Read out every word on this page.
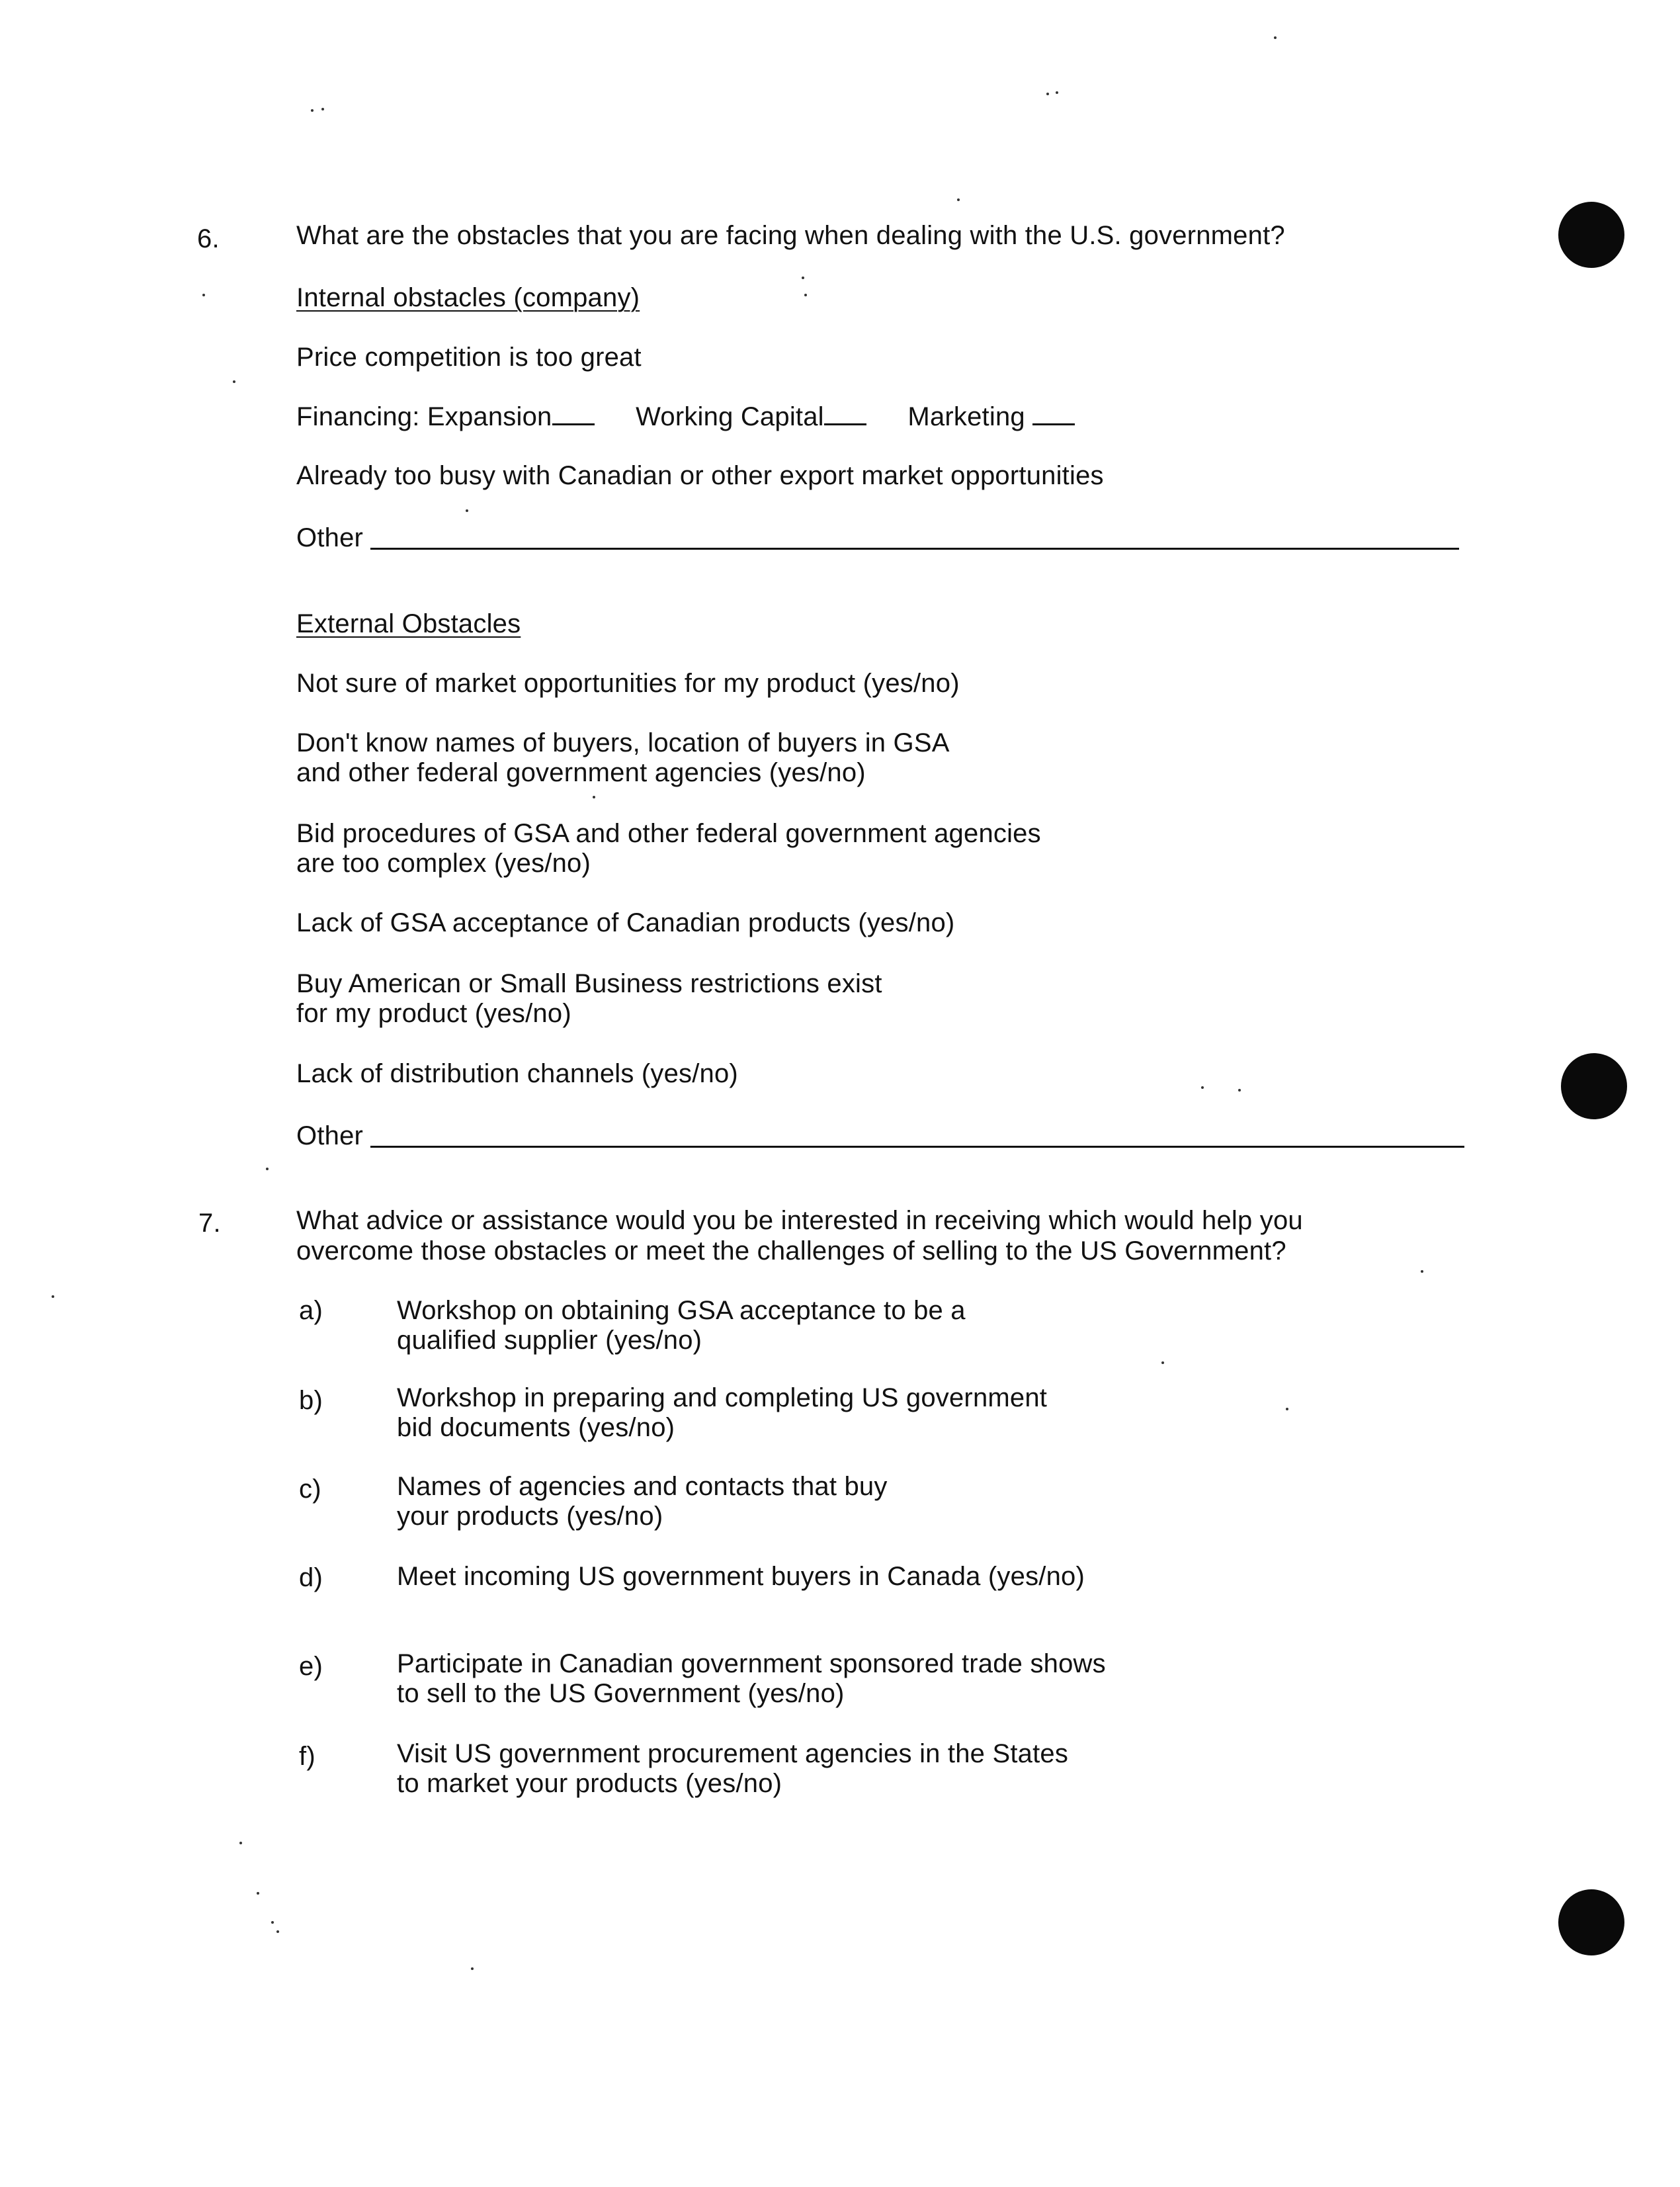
6.	What are the obstacles that you are facing when dealing with the U.S. government?
Internal obstacles (company)
Price competition is too great
Financing: Expansion	Working Capital	Marketing
Already too busy with Canadian or other export market opportunities
Other
External Obstacles
Not sure of market opportunities for my product (yes/no)
Don't know names of buyers, location of buyers in GSA
and other federal government agencies (yes/no)
Bid procedures of GSA and other federal government agencies
are too complex (yes/no)
Lack of GSA acceptance of Canadian products (yes/no)
Buy American or Small Business restrictions exist
for my product (yes/no)
Lack of distribution channels (yes/no)
Other
7.	What advice or assistance would you be interested in receiving which would help you
overcome those obstacles or meet the challenges of selling to the US Government?
a)	Workshop on obtaining GSA acceptance to be a
qualified supplier (yes/no)
b)	Workshop in preparing and completing US government
bid documents (yes/no)
c)	Names of agencies and contacts that buy
your products (yes/no)
d)	Meet incoming US government buyers in Canada (yes/no)
e)	Participate in Canadian government sponsored trade shows
to sell to the US Government (yes/no)
f)	Visit US government procurement agencies in the States
to market your products (yes/no)
